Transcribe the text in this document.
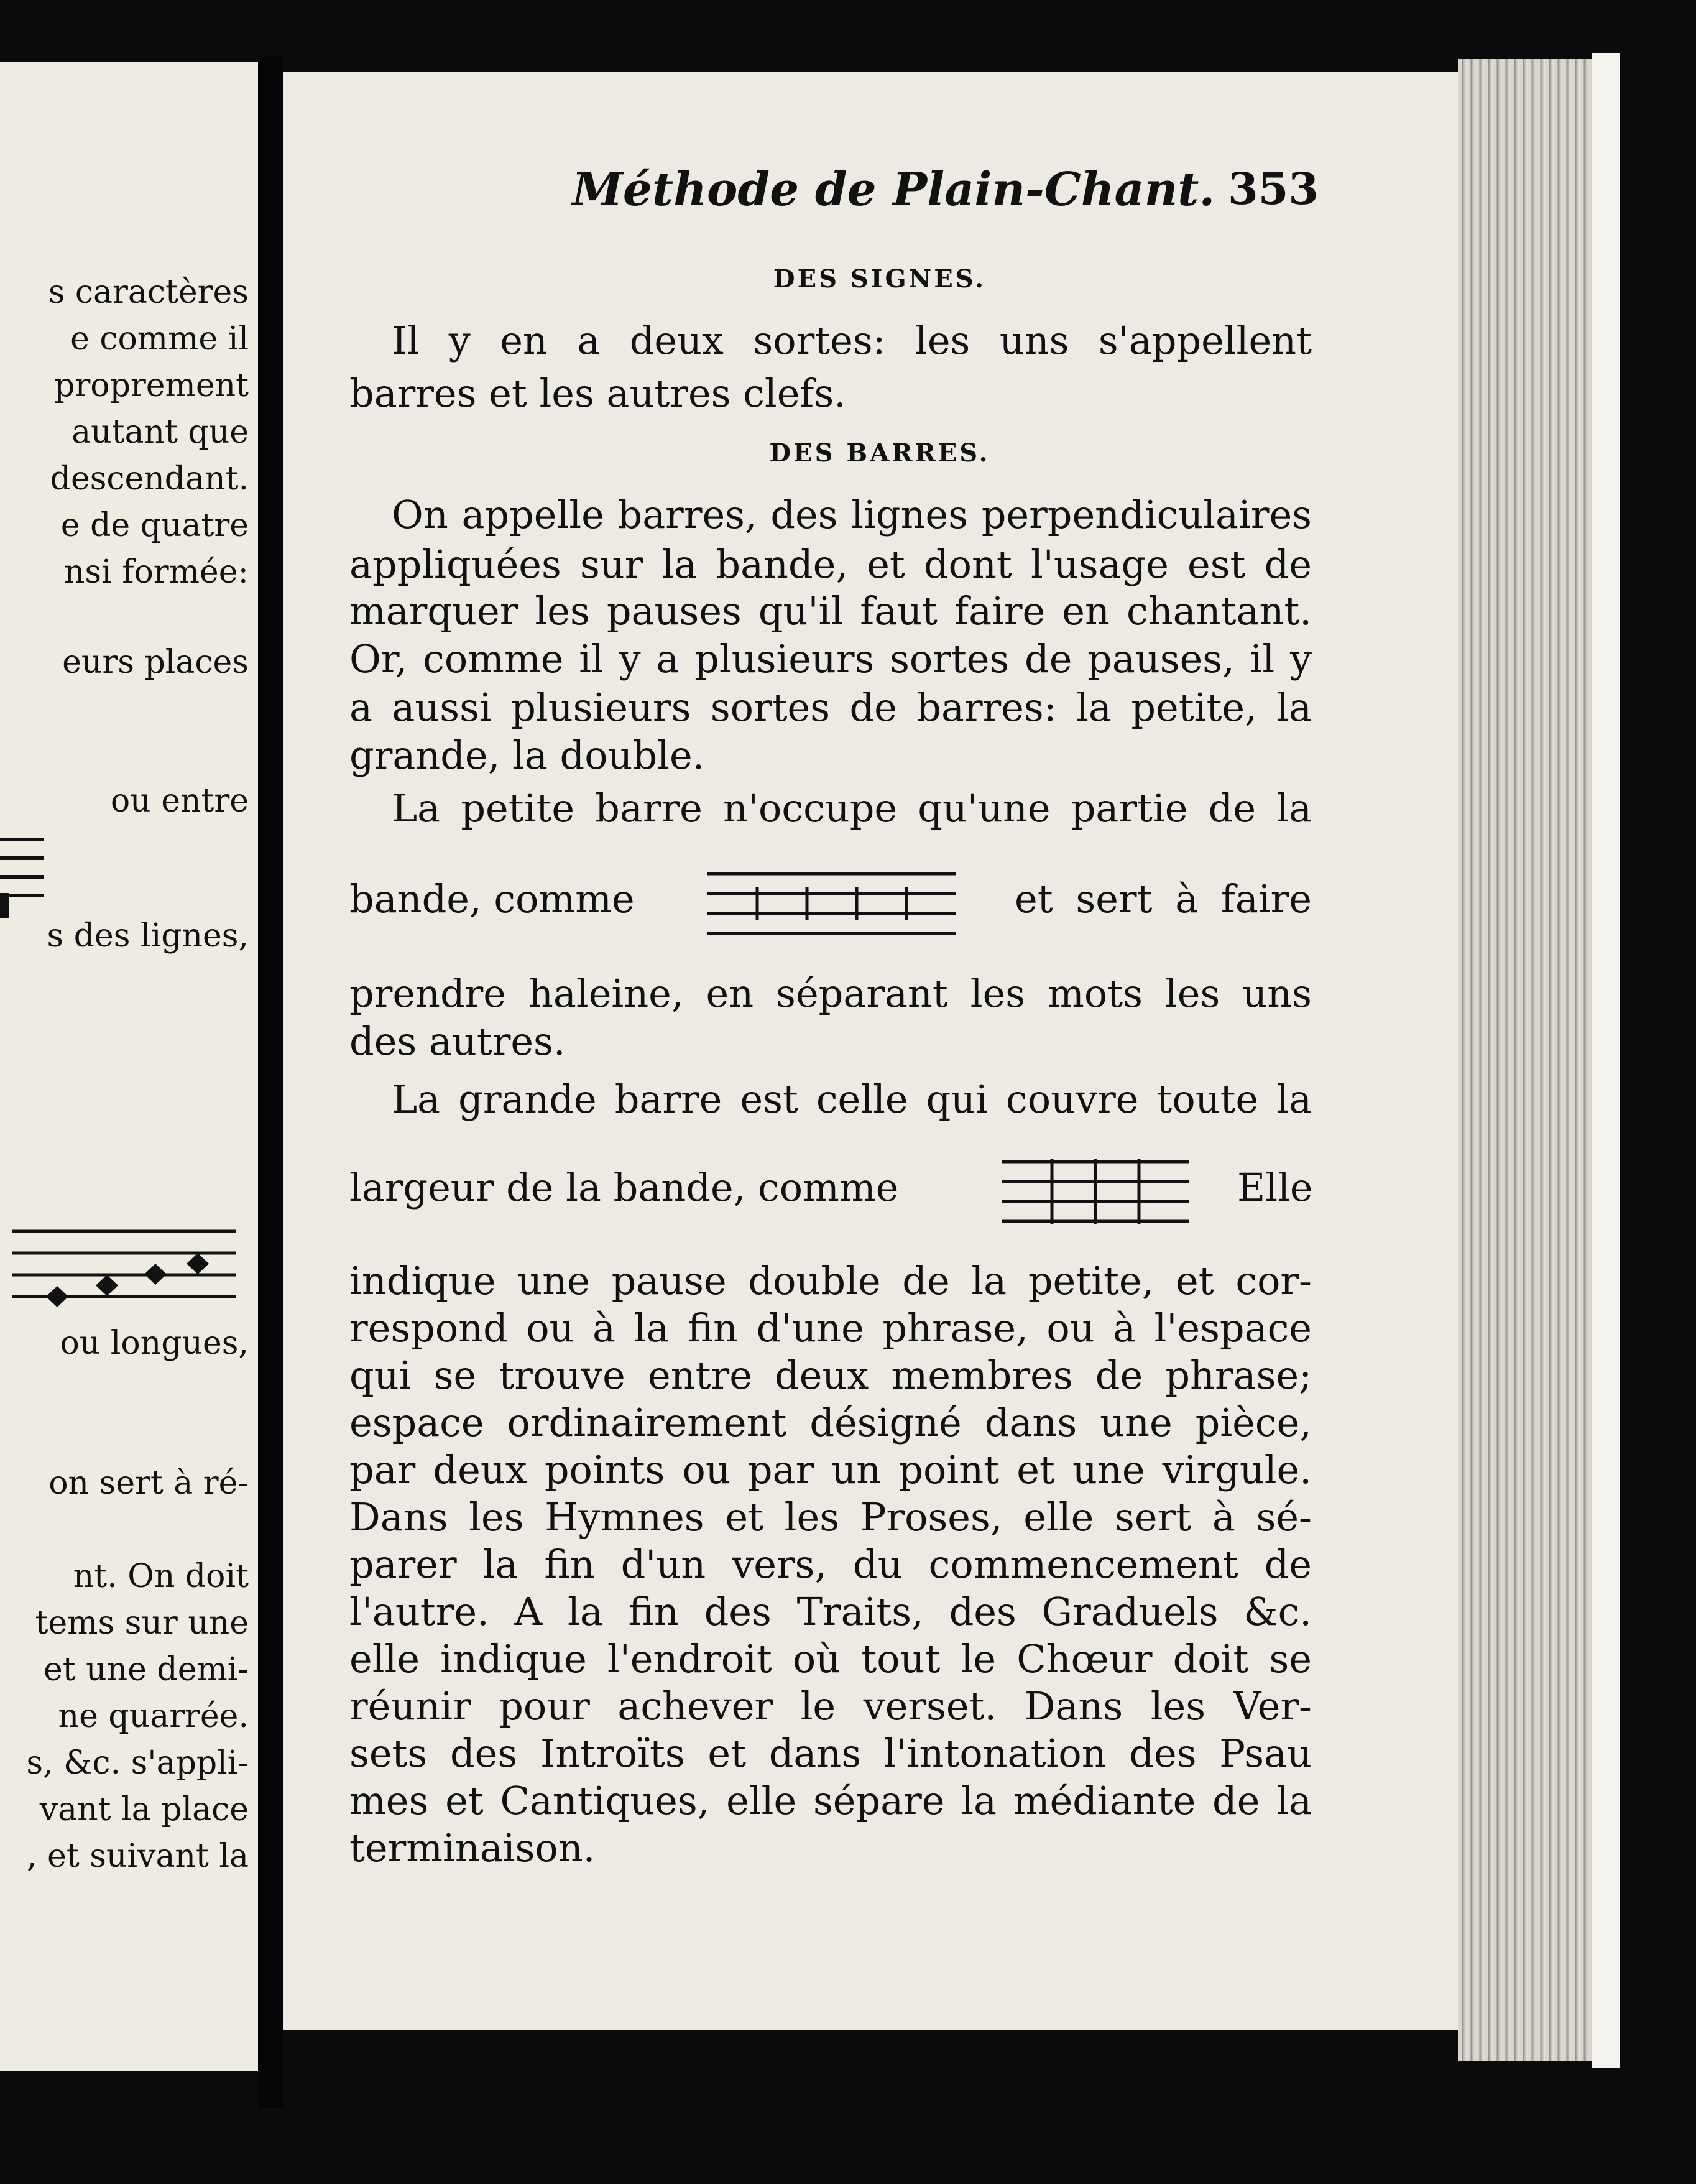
s caractères
e comme il
proprement
autant que
descendant.
e de quatre
nsi formée:
eurs places
ou entre
s des lignes,
ou longues,
on sert à ré-
nt. On doit
tems sur une
et une demi-
ne quarrée.
s, &c. s'appli-
vant la place
, et suivant la
Méthode de Plain-Chant. 353
DES SIGNES.
Il y en a deux sortes: les uns s'appellent
barres et les autres clefs.
DES BARRES.
On appelle barres, des lignes perpendiculaires
appliquées sur la bande, et dont l'usage est de
marquer les pauses qu'il faut faire en chantant.
Or, comme il y a plusieurs sortes de pauses, il y
a aussi plusieurs sortes de barres: la petite, la
grande, la double.
La petite barre n'occupe qu'une partie de la
bande, comme	et sert à faire
prendre haleine, en séparant les mots les uns
des autres.
La grande barre est celle qui couvre toute la
largeur de la bande, comme	Elle
indique une pause double de la petite, et cor-
respond ou à la fin d'une phrase, ou à l'espace
qui se trouve entre deux membres de phrase;
espace ordinairement désigné dans une pièce,
par deux points ou par un point et une virgule.
Dans les Hymnes et les Proses, elle sert à sé-
parer la fin d'un vers, du commencement de
l'autre. A la fin des Traits, des Graduels &c.
elle indique l'endroit où tout le Chœur doit se
réunir pour achever le verset. Dans les Ver-
sets des Introïts et dans l'intonation des Psau
mes et Cantiques, elle sépare la médiante de la
terminaison.
